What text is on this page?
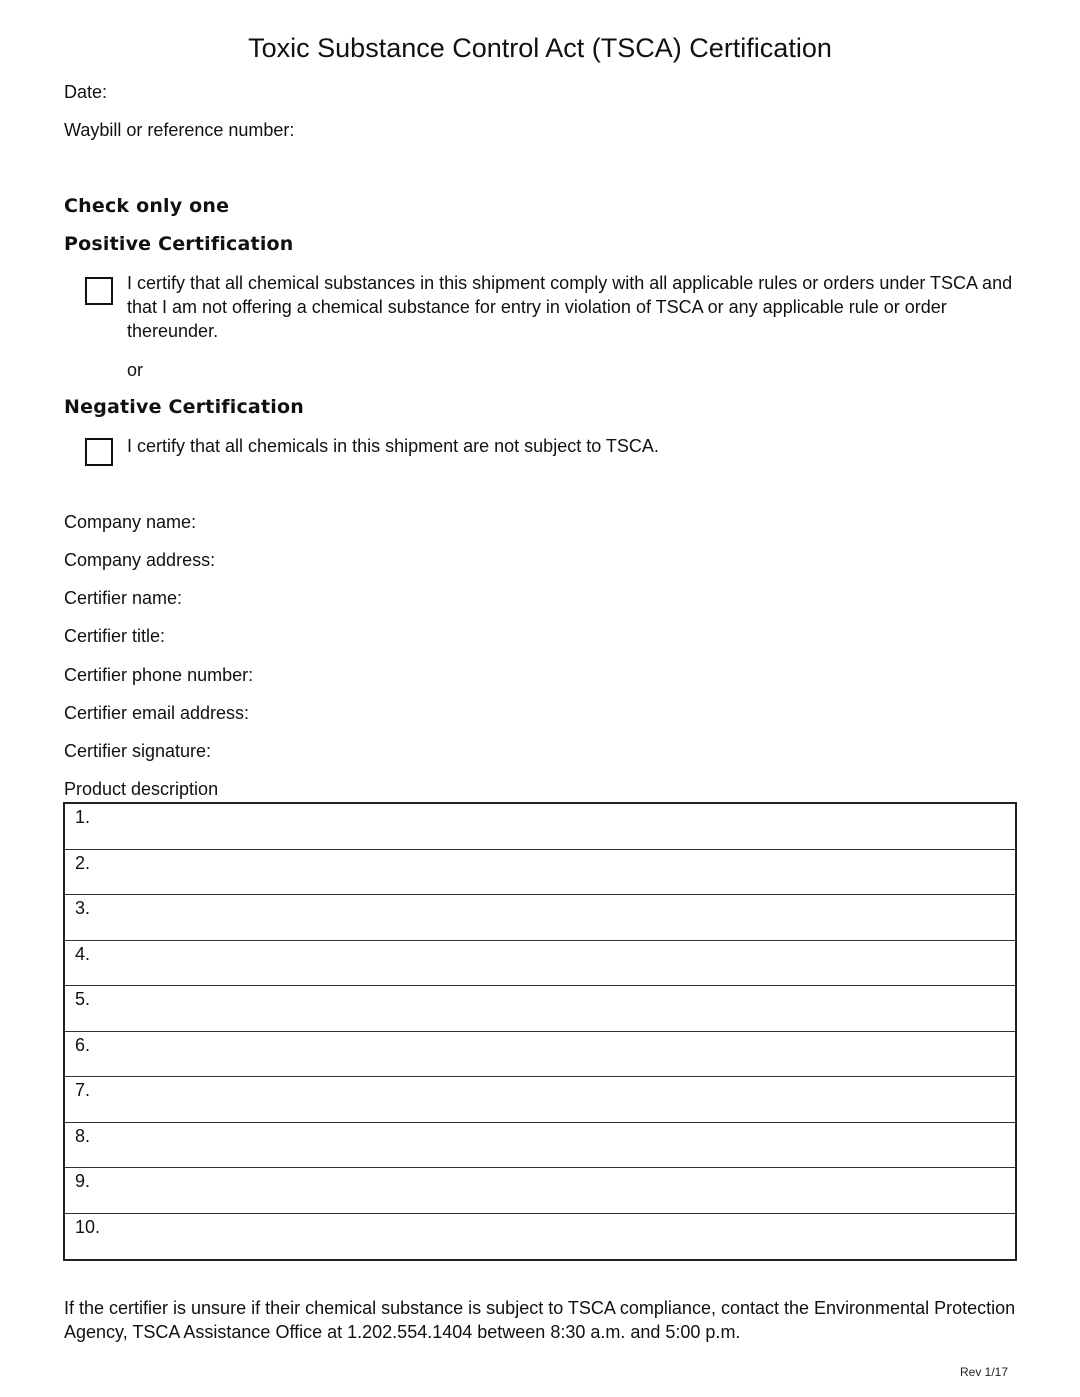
Toxic Substance Control Act (TSCA) Certification
Date:
Waybill or reference number:
Check only one
Positive Certification
I certify that all chemical substances in this shipment comply with all applicable rules or orders under TSCA and that I am not offering a chemical substance for entry in violation of TSCA or any applicable rule or order thereunder.
or
Negative Certification
I certify that all chemicals in this shipment are not subject to TSCA.
Company name:
Company address:
Certifier name:
Certifier title:
Certifier phone number:
Certifier email address:
Certifier signature:
Product description
1.
2.
3.
4.
5.
6.
7.
8.
9.
10.
If the certifier is unsure if their chemical substance is subject to TSCA compliance, contact the Environmental Protection Agency, TSCA Assistance Office at 1.202.554.1404 between 8:30 a.m. and 5:00 p.m.
Rev 1/17
